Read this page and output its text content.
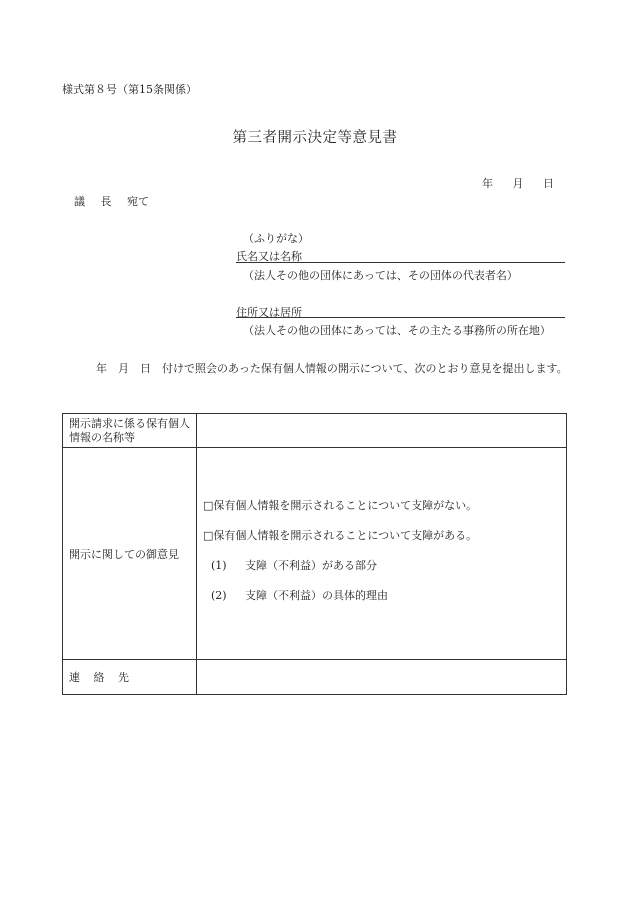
様式第８号（第15条関係）
第三者開示決定等意見書
年 月 日
議 長 宛て
（ふりがな）
氏名又は名称
（法人その他の団体にあっては、その団体の代表者名）
住所又は居所
（法人その他の団体にあっては、その主たる事務所の所在地）
年　月　日　 付けで照会のあった保有個人情報の開示について、次のとおり意見を提出します。
開示請求に係る保有個人情報の名称等	
開示に関しての御意見	□保有個人情報を開示されることについて支障がない。
□保有個人情報を開示されることについて支障がある。
(1) 支障（不利益）がある部分
(2) 支障（不利益）の具体的理由

連 絡 先	
